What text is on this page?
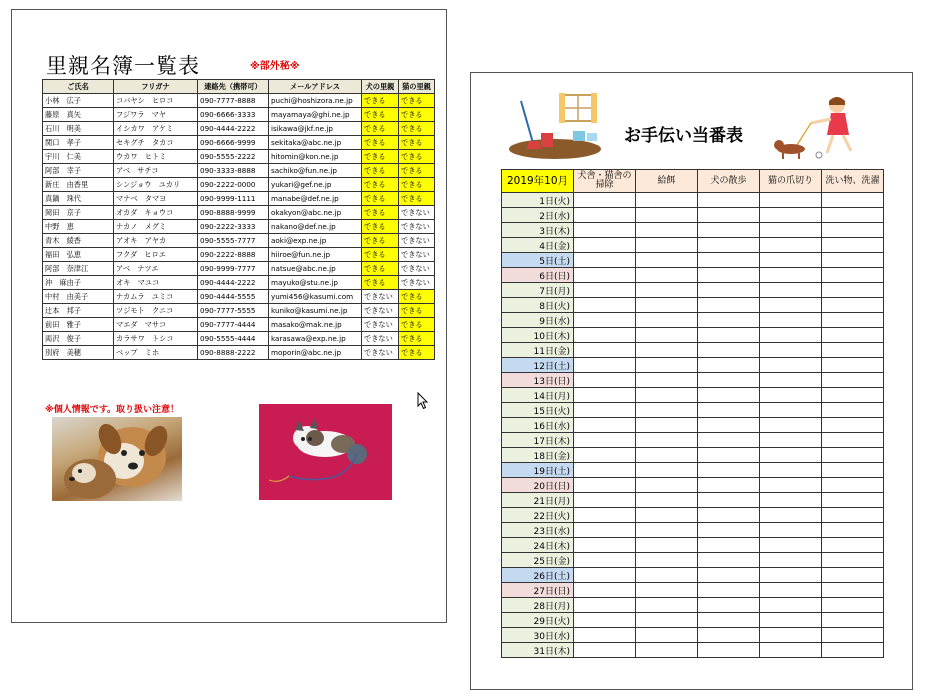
里親名簿一覧表	※部外秘※
ご氏名	フリガナ	連絡先（携帯可）	メールアドレス	犬の里親	猫の里親
小林　広子	コバヤシ　ヒロコ	090-7777-8888	puchi@hoshizora.ne.jp	できる	できる
藤原　真矢	フジワラ　マヤ	090-6666-3333	mayamaya@ghi.ne.jp	できる	できる
石川　明美	イシカワ　アケミ	090-4444-2222	isikawa@jkf.ne.jp	できる	できる
関口　孝子	セキグチ　タカコ	090-6666-9999	sekitaka@abc.ne.jp	できる	できる
宇川　仁美	ウカワ　ヒトミ	090-5555-2222	hitomin@kon.ne.jp	できる	できる
阿部　幸子	アベ　サチコ	090-3333-8888	sachiko@fun.ne.jp	できる	できる
新庄　由香里	シンジョウ　ユカリ	090-2222-0000	yukari@gef.ne.jp	できる	できる
真鍋　珠代	マナベ　タマヨ	090-9999-1111	manabe@def.ne.jp	できる	できる
岡田　京子	オカダ　キョウコ	090-8888-9999	okakyon@abc.ne.jp	できる	できない
中野　恵	ナカノ　メグミ	090-2222-3333	nakano@def.ne.jp	できる	できない
青木　綾香	アオキ　アヤカ	090-5555-7777	aoki@exp.ne.jp	できる	できない
福田　弘恵	フクダ　ヒロエ	090-2222-8888	hiiroe@fun.ne.jp	できる	できない
阿部　奈津江	アベ　ナツエ	090-9999-7777	natsue@abc.ne.jp	できる	できない
沖　麻由子	オキ　マユコ	090-4444-2222	mayuko@stu.ne.jp	できる	できない
中村　由美子	ナカムラ　ユミコ	090-4444-5555	yumi456@kasumi.com	できない	できる
辻本　邦子	ツジモト　クニコ	090-7777-5555	kuniko@kasumi.ne.jp	できない	できる
前田　雅子	マエダ　マサコ	090-7777-4444	masako@mak.ne.jp	できない	できる
両沢　俊子	カラサワ　トシコ	090-5555-4444	karasawa@exp.ne.jp	できない	できる
別府　美穂	ベップ　ミホ	090-8888-2222	moporin@abc.ne.jp	できない	できる
※個人情報です。取り扱い注意！
お手伝い当番表
2019年10月	犬舎・猫舎の掃除	給餌	犬の散歩	猫の爪切り	洗い物、洗濯
1日(火)					
2日(水)					
3日(木)					
4日(金)					
5日(土)					
6日(日)					
7日(月)					
8日(火)					
9日(水)					
10日(木)					
11日(金)					
12日(土)					
13日(日)					
14日(月)					
15日(火)					
16日(水)					
17日(木)					
18日(金)					
19日(土)					
20日(日)					
21日(月)					
22日(火)					
23日(水)					
24日(木)					
25日(金)					
26日(土)					
27日(日)					
28日(月)					
29日(火)					
30日(水)					
31日(木)					
